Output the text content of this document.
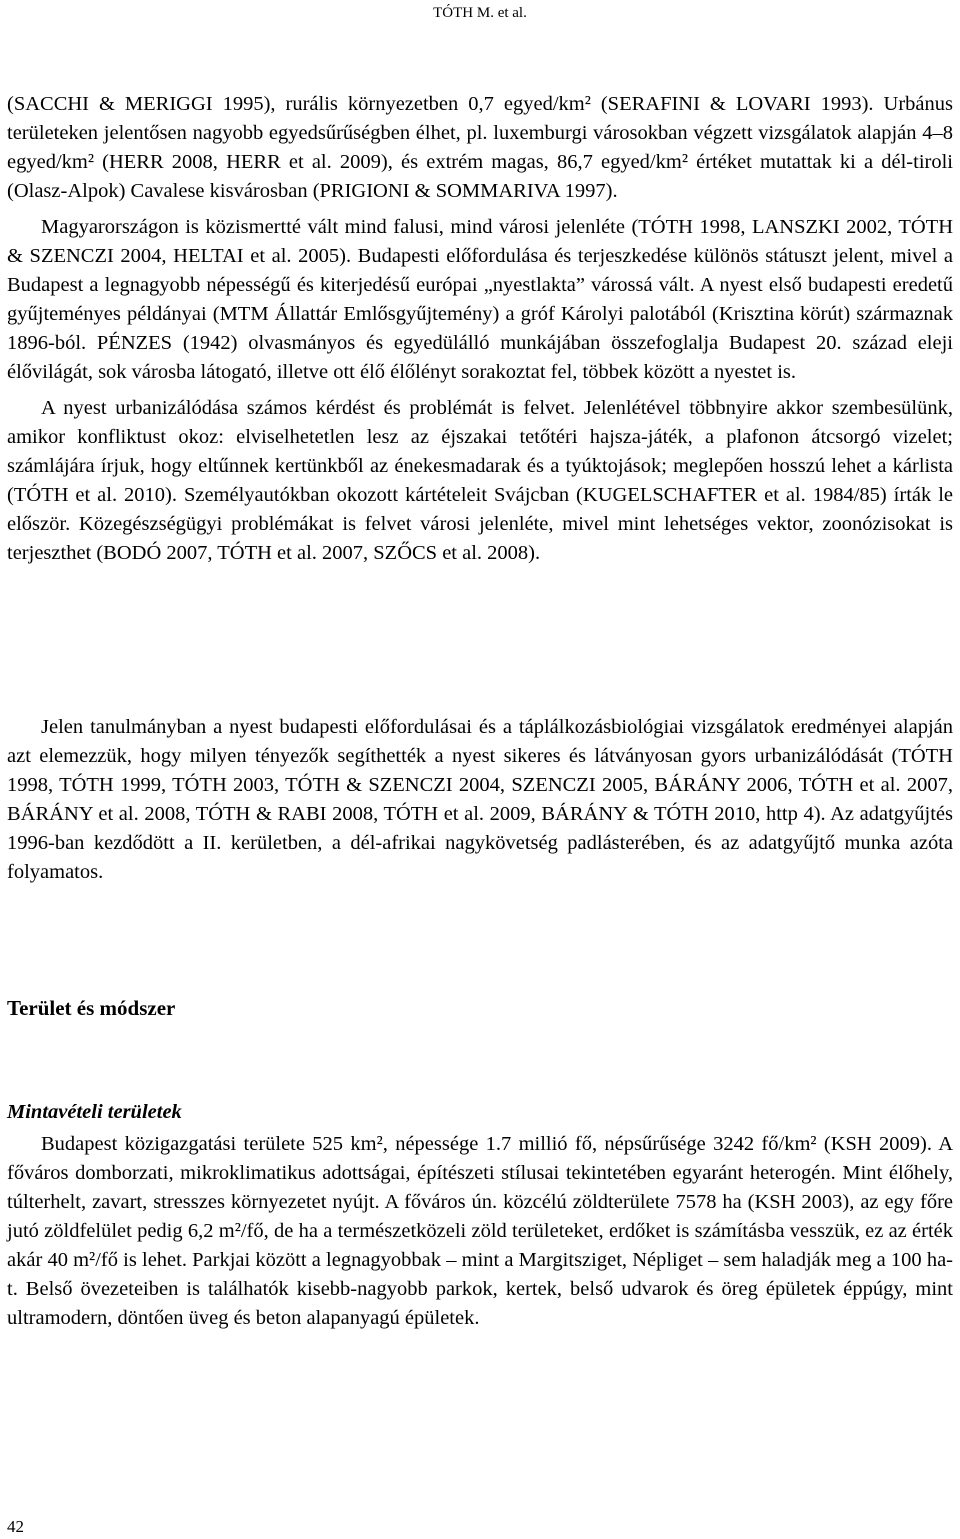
TÓTH M. et al.

(SACCHI & MERIGGI 1995), rurális környezetben 0,7 egyed/km² (SERAFINI & LOVARI 1993). Urbánus területeken jelentősen nagyobb egyedsűrűségben élhet, pl. luxemburgi városokban végzett vizsgálatok alapján 4–8 egyed/km² (HERR 2008, HERR et al. 2009), és extrém magas, 86,7 egyed/km² értéket mutattak ki a dél-tiroli (Olasz-Alpok) Cavalese kisvárosban (PRIGIONI & SOMMARIVA 1997).

Magyarországon is közismertté vált mind falusi, mind városi jelenléte (TÓTH 1998, LANSZKI 2002, TÓTH & SZENCZI 2004, HELTAI et al. 2005). Budapesti előfordulása és terjeszkedése különös státuszt jelent, mivel a Budapest a legnagyobb népességű és kiterjedésű európai „nyestlakta” várossá vált. A nyest első budapesti eredetű gyűjteményes példányai (MTM Állattár Emlősgyűjtemény) a gróf Károlyi palotából (Krisztina körút) származnak 1896-ból. PÉNZES (1942) olvasmányos és egyedülálló munkájában összefoglalja Budapest 20. század eleji élővilágát, sok városba látogató, illetve ott élő élőlényt sorakoztat fel, többek között a nyestet is.

A nyest urbanizálódása számos kérdést és problémát is felvet. Jelenlétével többnyire akkor szembesülünk, amikor konfliktust okoz: elviselhetetlen lesz az éjszakai tetőtéri hajsza-játék, a plafonon átcsorgó vizelet; számlájára írjuk, hogy eltűnnek kertünkből az énekesmadarak és a tyúktojások; meglepően hosszú lehet a kárlista (TÓTH et al. 2010). Személyautókban okozott kártételeit Svájcban (KUGELSCHAFTER et al. 1984/85) írták le először. Közegészségügyi problémákat is felvet városi jelenléte, mivel mint lehetséges vektor, zoonózisokat is terjeszthet (BODÓ 2007, TÓTH et al. 2007, SZŐCS et al. 2008).

Jelen tanulmányban a nyest budapesti előfordulásai és a táplálkozásbiológiai vizsgálatok eredményei alapján azt elemezzük, hogy milyen tényezők segíthették a nyest sikeres és látványosan gyors urbanizálódását (TÓTH 1998, TÓTH 1999, TÓTH 2003, TÓTH & SZENCZI 2004, SZENCZI 2005, BÁRÁNY 2006, TÓTH et al. 2007, BÁRÁNY et al. 2008, TÓTH & RABI 2008, TÓTH et al. 2009, BÁRÁNY & TÓTH 2010, http 4). Az adatgyűjtés 1996-ban kezdődött a II. kerületben, a dél-afrikai nagykövetség padlásterében, és az adatgyűjtő munka azóta folyamatos.

Terület és módszer
Mintavételi területek

Budapest közigazgatási területe 525 km², népessége 1.7 millió fő, népsűrűsége 3242 fő/km² (KSH 2009). A főváros domborzati, mikroklimatikus adottságai, építészeti stílusai tekintetében egyaránt heterogén. Mint élőhely, túlterhelt, zavart, stresszes környezetet nyújt. A főváros ún. közcélú zöldterülete 7578 ha (KSH 2003), az egy főre jutó zöldfelület pedig 6,2 m²/fő, de ha a természetközeli zöld területeket, erdőket is számításba vesszük, ez az érték akár 40 m²/fő is lehet. Parkjai között a legnagyobbak – mint a Margitsziget, Népliget – sem haladják meg a 100 ha-t. Belső övezeteiben is találhatók kisebb-nagyobb parkok, kertek, belső udvarok és öreg épületek éppúgy, mint ultramodern, döntően üveg és beton alapanyagú épületek.

42
